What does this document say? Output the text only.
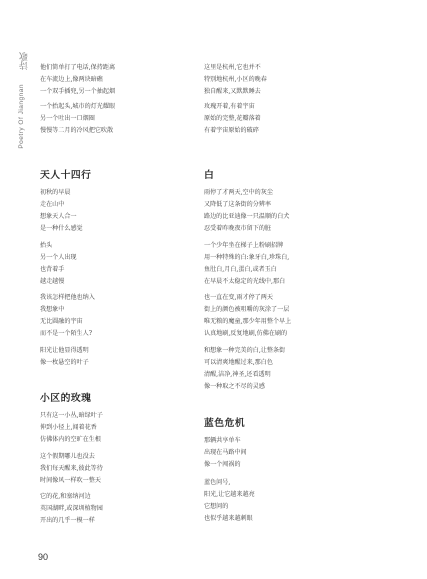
诗歌
Poetry Of Jiangnan
他们简单打了电话,保持距离
在车流边上,像两块暗礁
一个双手插兜,另一个抽起烟
一个抬起头,城市的灯光耀眼
另一个吐出一口烟圈
慢慢等二月的冷风把它吹散
天人十四行
初秋的早晨
走在山中
想象天人合一
是一种什么感觉
抬头
另一个人出现
也背着手
越走越慢
我该怎样把他也纳入
我想象中
无比圆融的宇宙
而不是一个陌生人?
阳光让他显得透明
像一枚悬空的叶子
小区的玫瑰
只有这一小丛,暗绿叶子
伸到小径上,闻着花香
仿佛体内的空旷在生根
这个假期哪儿也没去
我们每天醒来,彼此等待
时间像风一样吹一整天
它的花,和塞纳河边
英国湖畔,或深圳植物园
开出的几乎一模一样
这里是杭州,它也并不
特别地杭州,小区的晚春
独自醒来,又默默睡去
玫瑰开着,有着宇宙
原始的完整,花瓣落着
有着宇宙原始的破碎
白
雨停了才两天,空中的灰尘
又降低了这条街的分辨率
路边的比亚迪像一只温顺的白犬
忍受着昨晚夜市留下的脏
一个少年坐在梯子上粉刷招牌
用一种特殊的白:象牙白,珍珠白,
鱼肚白,月白,蛋白,或者玉白
在早晨不太稳定的光线中,那白
也一直在变,雨才停了两天
街上的颜色被咀嚼的灰涂了一层
唯无粮的魔童,那少年用整个早上
认真地刷,反复地刷,仿佛在刷的
和想象一种完美的白,让整条街
可以清爽地醒过来,那白色
清醒,洁净,神圣,还看透明
像一种取之不尽的灵感
蓝色危机
那辆共享单车
出现在马路中间
像一个闯祸的
蓝色问号,
阳光,让它越来越亮
它想问的
也似乎越来越刺眼
90
